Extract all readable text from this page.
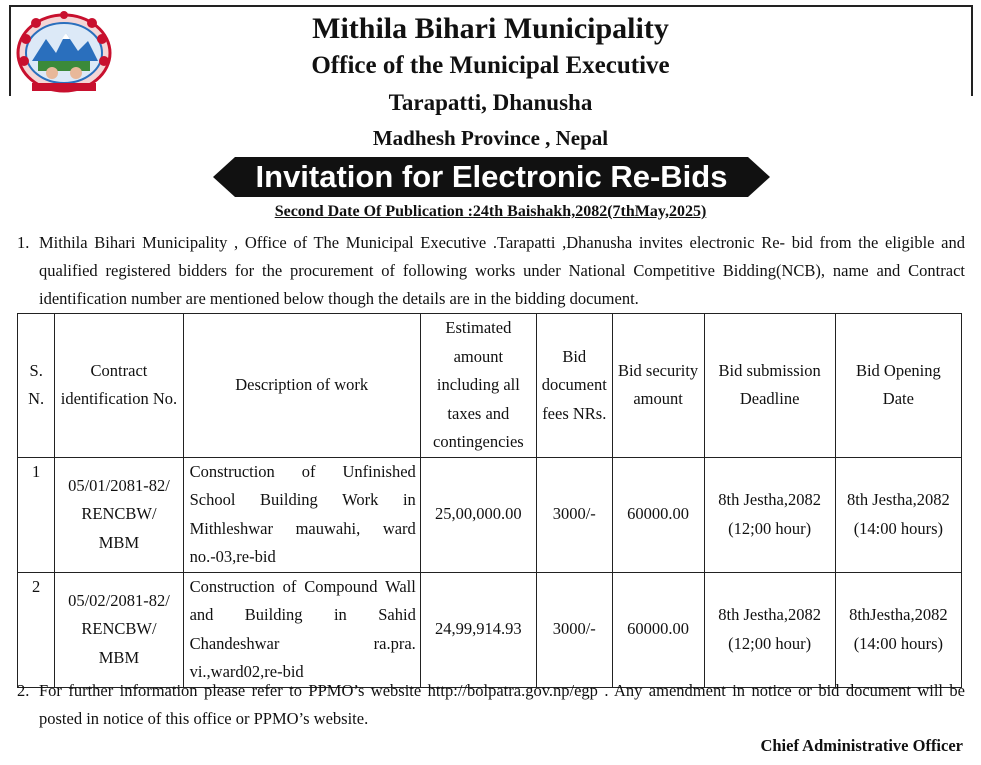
Mithila Bihari Municipality
Office of the Municipal Executive
Tarapatti, Dhanusha
Madhesh Province , Nepal
Invitation for Electronic Re-Bids
Second Date Of Publication :24th Baishakh,2082(7thMay,2025)
1. Mithila Bihari Municipality , Office of The Municipal Executive .Tarapatti ,Dhanusha invites electronic Re- bid from the eligible and qualified registered bidders for the procurement of following works under National Competitive Bidding(NCB), name and Contract identification number are mentioned below though the details are in the bidding document.
S. N.	Contract identification No.	Description of work	Estimated amount including all taxes and contingencies	Bid document fees NRs.	Bid security amount	Bid submission Deadline	Bid Opening Date
1	05/01/2081-82/ RENCBW/ MBM	Construction of Unfinished School Building Work in Mithleshwar mauwahi, ward no.-03,re-bid	25,00,000.00	3000/-	60000.00	8th Jestha,2082 (12;00 hour)	8th Jestha,2082 (14:00 hours)
2	05/02/2081-82/ RENCBW/ MBM	Construction of Compound Wall and Building in Sahid Chandeshwar ra.pra. vi.,ward02,re-bid	24,99,914.93	3000/-	60000.00	8th Jestha,2082 (12;00 hour)	8thJestha,2082 (14:00 hours)
2. For further information please refer to PPMO’s website http://bolpatra.gov.np/egp . Any amendment in notice or bid document will be posted in notice of this office or PPMO’s website.
Chief Administrative Officer
